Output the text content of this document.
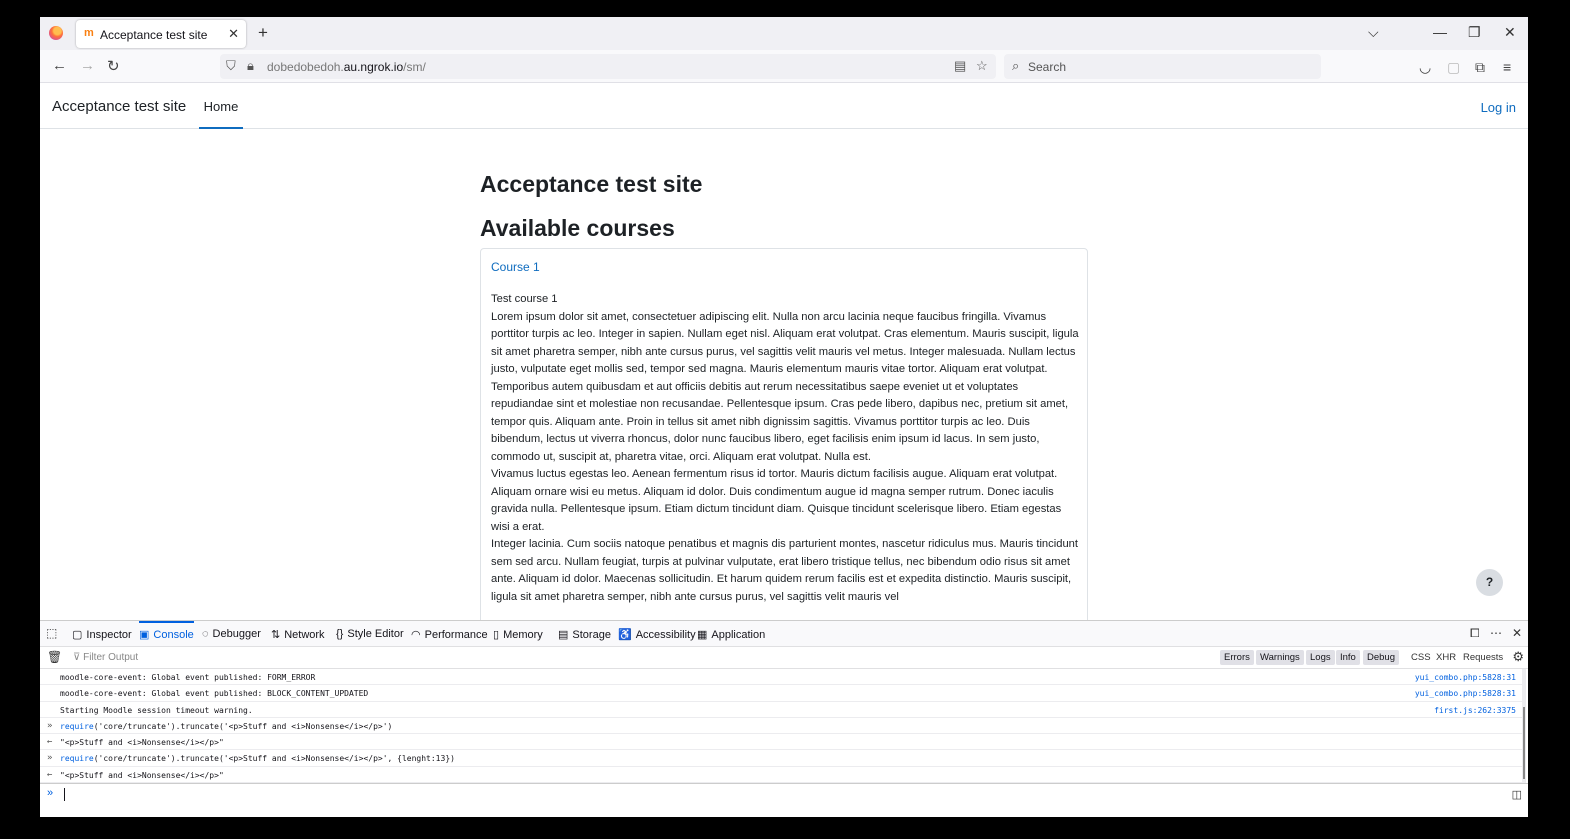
m Acceptance test site ✕ +	⌵	— ❐ ✕
← → ↻	⛉ 🔒︎ dobedobedoh.au.ngrok.io/sm/	▤ ☆ ⌕ Search	◡ ▢ ⧉ ≡
Acceptance test site	Home	Log in
Acceptance test site
Available courses
Course 1
Test course 1
Lorem ipsum dolor sit amet, consectetuer adipiscing elit. Nulla non arcu lacinia neque faucibus fringilla. Vivamus porttitor turpis ac leo. Integer in sapien. Nullam eget nisl. Aliquam erat volutpat. Cras elementum. Mauris suscipit, ligula sit amet pharetra semper, nibh ante cursus purus, vel sagittis velit mauris vel metus. Integer malesuada. Nullam lectus justo, vulputate eget mollis sed, tempor sed magna. Mauris elementum mauris vitae tortor. Aliquam erat volutpat.
Temporibus autem quibusdam et aut officiis debitis aut rerum necessitatibus saepe eveniet ut et voluptates repudiandae sint et molestiae non recusandae. Pellentesque ipsum. Cras pede libero, dapibus nec, pretium sit amet, tempor quis. Aliquam ante. Proin in tellus sit amet nibh dignissim sagittis. Vivamus porttitor turpis ac leo. Duis bibendum, lectus ut viverra rhoncus, dolor nunc faucibus libero, eget facilisis enim ipsum id lacus. In sem justo, commodo ut, suscipit at, pharetra vitae, orci. Aliquam erat volutpat. Nulla est.
Vivamus luctus egestas leo. Aenean fermentum risus id tortor. Mauris dictum facilisis augue. Aliquam erat volutpat. Aliquam ornare wisi eu metus. Aliquam id dolor. Duis condimentum augue id magna semper rutrum. Donec iaculis gravida nulla. Pellentesque ipsum. Etiam dictum tincidunt diam. Quisque tincidunt scelerisque libero. Etiam egestas wisi a erat.
Integer lacinia. Cum sociis natoque penatibus et magnis dis parturient montes, nascetur ridiculus mus. Mauris tincidunt sem sed arcu. Nullam feugiat, turpis at pulvinar vulputate, erat libero tristique tellus, nec bibendum odio risus sit amet ante. Aliquam id dolor. Maecenas sollicitudin. Et harum quidem rerum facilis est et expedita distinctio. Mauris suscipit, ligula sit amet pharetra semper, nibh ante cursus purus, vel sagittis velit mauris vel
?
⬚ ▢ Inspector ▣ Console ◌ Debugger ⇅ Network {} Style Editor ◠ Performance ▯ Memory ▤ Storage ♿ Accessibility ▦ Application	⧠ ⋯ ✕
🗑︎ ⊽ Filter Output	Errors	Warnings	Logs Info	Debug	CSS XHR Requests ⚙
moodle-core-event: Global event published: FORM_ERROR	yui_combo.php:5828:31
moodle-core-event: Global event published: BLOCK_CONTENT_UPDATED	yui_combo.php:5828:31
Starting Moodle session timeout warning.	first.js:262:3375
» require('core/truncate').truncate('<p>Stuff and <i>Nonsense</i></p>')
← "<p>Stuff and <i>Nonsense</i></p>"
» require('core/truncate').truncate('<p>Stuff and <i>Nonsense</i></p>', {lenght:13})
← "<p>Stuff and <i>Nonsense</i></p>"
»	◫
